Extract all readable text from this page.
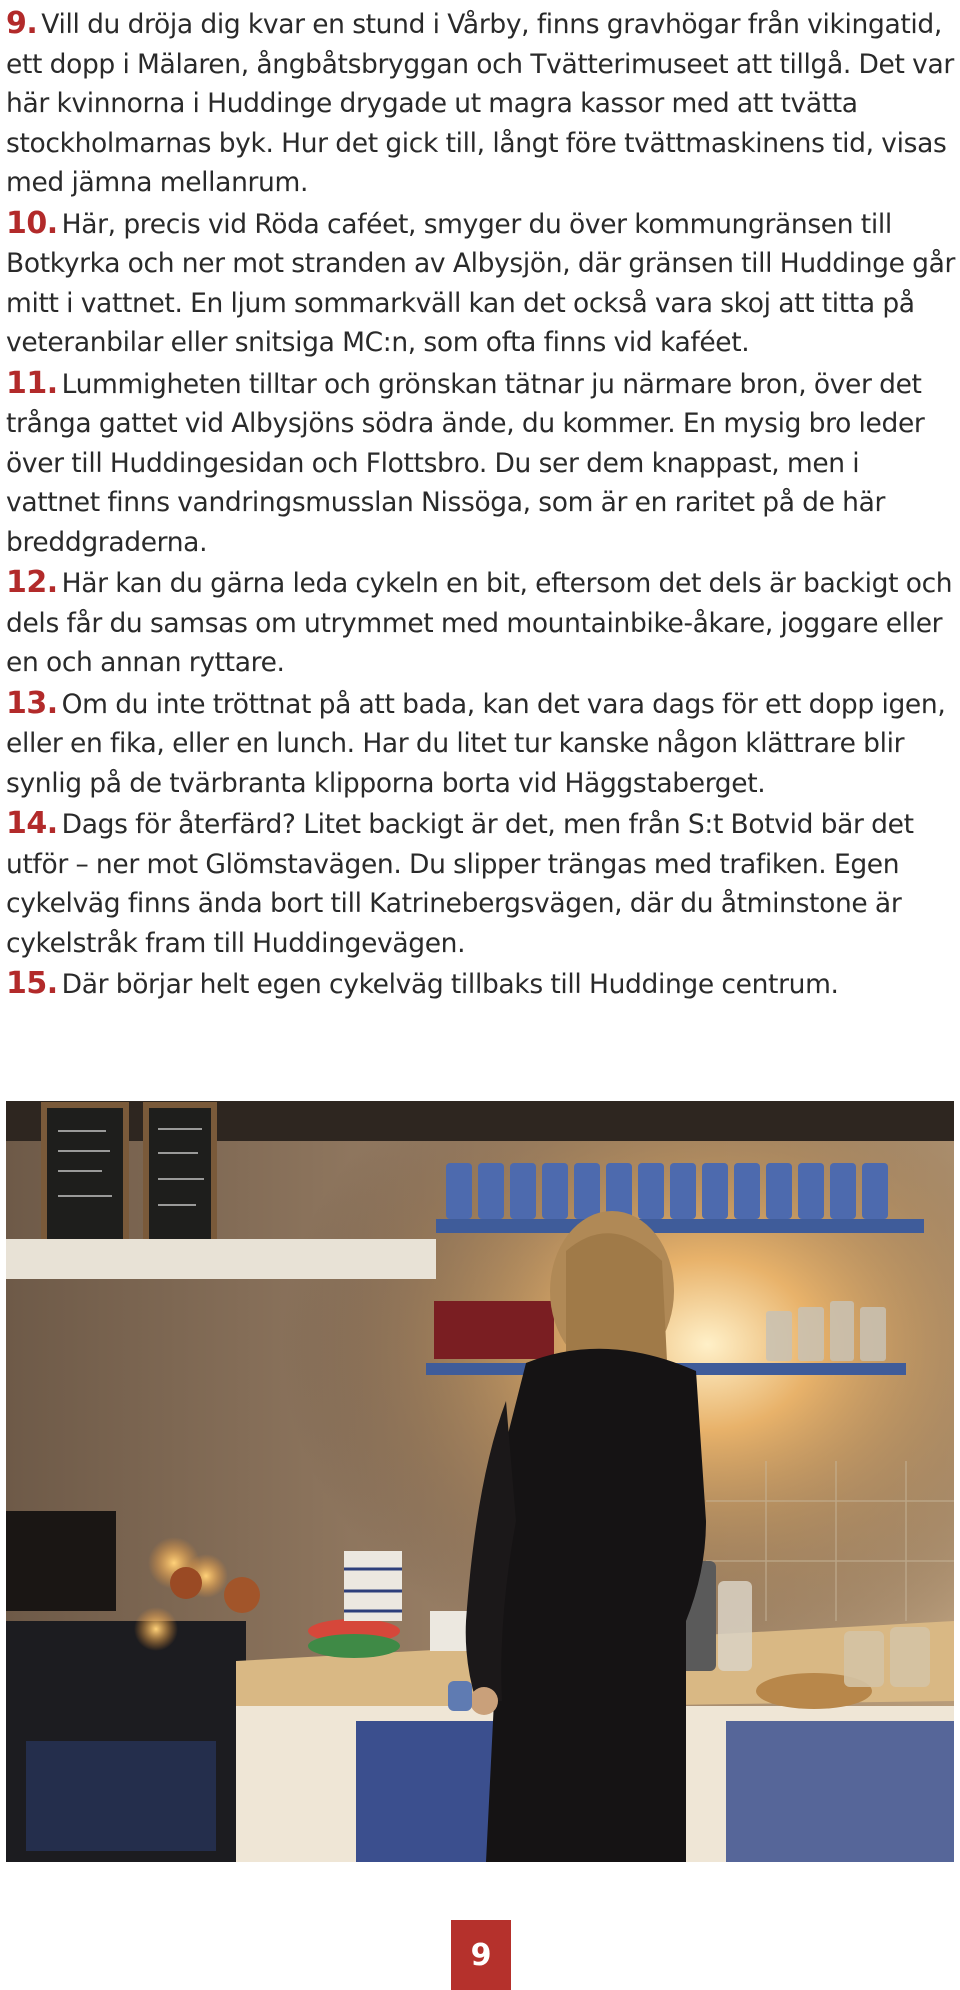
9. Vill du dröja dig kvar en stund i Vårby, finns gravhögar från vikingatid, ett dopp i Mälaren, ångbåtsbryggan och Tvätterimuseet att tillgå. Det var här kvinnorna i Huddinge drygade ut magra kassor med att tvätta stockholmarnas byk. Hur det gick till, långt före tvättmaskinens tid, visas med jämna mellanrum.

10. Här, precis vid Röda caféet, smyger du över kommungränsen till Botkyrka och ner mot stranden av Albysjön, där gränsen till Huddinge går mitt i vattnet. En ljum sommarkväll kan det också vara skoj att titta på veteranbilar eller snitsiga MC:n, som ofta finns vid kaféet.

11. Lummigheten tilltar och grönskan tätnar ju närmare bron, över det trånga gattet vid Albysjöns södra ände, du kommer. En mysig bro leder över till Huddingesidan och Flottsbro. Du ser dem knappast, men i vattnet finns vandringsmusslan Nissöga, som är en raritet på de här breddgraderna.

12. Här kan du gärna leda cykeln en bit, eftersom det dels är backigt och dels får du samsas om utrymmet med mountainbike-åkare, joggare eller en och annan ryttare.

13. Om du inte tröttnat på att bada, kan det vara dags för ett dopp igen, eller en fika, eller en lunch. Har du litet tur kanske någon klättrare blir synlig på de tvärbranta klipporna borta vid Häggstaberget.

14. Dags för återfärd? Litet backigt är det, men från S:t Botvid bär det utför – ner mot Glömstavägen. Du slipper trängas med trafiken. Egen cykelväg finns ända bort till Katrinebergsvägen, där du åtminstone är cykelstråk fram till Huddingevägen.

15. Där börjar helt egen cykelväg tillbaks till Huddinge centrum.

9
